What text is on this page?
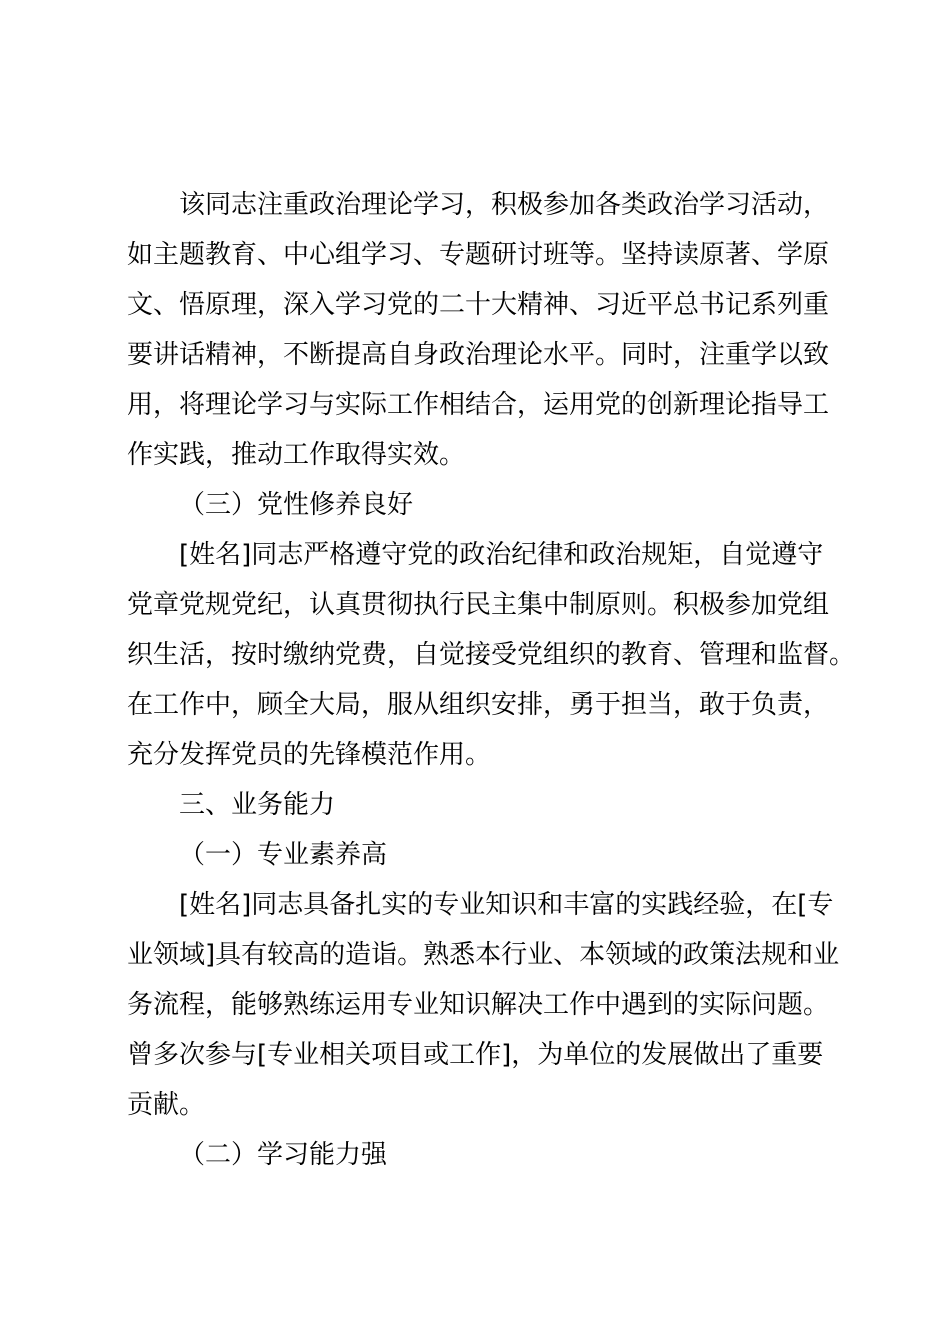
该同志注重政治理论学习，积极参加各类政治学习活动，
如主题教育、中心组学习、专题研讨班等。坚持读原著、学原
文、悟原理，深入学习党的二十大精神、习近平总书记系列重
要讲话精神，不断提高自身政治理论水平。同时，注重学以致
用，将理论学习与实际工作相结合，运用党的创新理论指导工
作实践，推动工作取得实效。
（三）党性修养良好
[姓名]同志严格遵守党的政治纪律和政治规矩，自觉遵守
党章党规党纪，认真贯彻执行民主集中制原则。积极参加党组
织生活，按时缴纳党费，自觉接受党组织的教育、管理和监督。
在工作中，顾全大局，服从组织安排，勇于担当，敢于负责，
充分发挥党员的先锋模范作用。
三、业务能力
（一）专业素养高
[姓名]同志具备扎实的专业知识和丰富的实践经验，在[专
业领域]具有较高的造诣。熟悉本行业、本领域的政策法规和业
务流程，能够熟练运用专业知识解决工作中遇到的实际问题。
曾多次参与[专业相关项目或工作]，为单位的发展做出了重要
贡献。
（二）学习能力强
